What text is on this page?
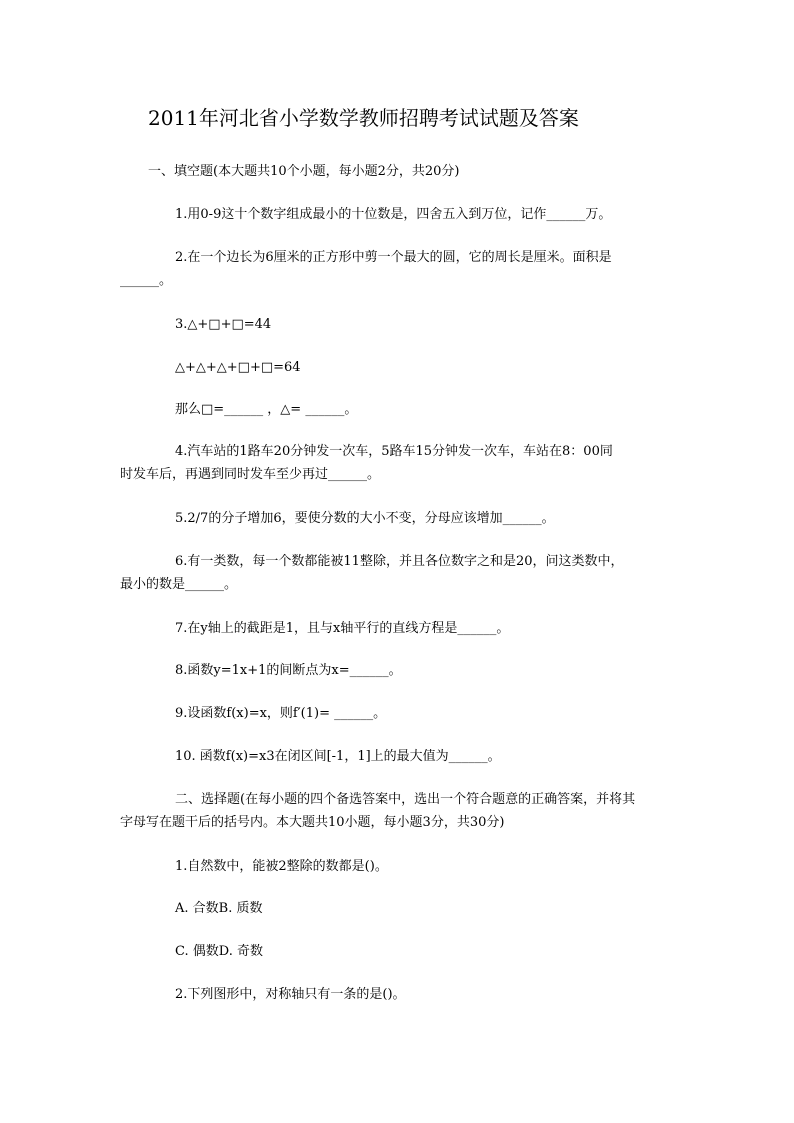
2011年河北省小学数学教师招聘考试试题及答案
一、填空题(本大题共10个小题，每小题2分，共20分)
1.用0-9这十个数字组成最小的十位数是，四舍五入到万位，记作______万。
2.在一个边长为6厘米的正方形中剪一个最大的圆，它的周长是厘米。面积是
______。
3.△+□+□=44
△+△+△+□+□=64
那么□=______ ，△= ______。
4.汽车站的1路车20分钟发一次车，5路车15分钟发一次车，车站在8：00同
时发车后，再遇到同时发车至少再过______。
5.2/7的分子增加6，要使分数的大小不变，分母应该增加______。
6.有一类数，每一个数都能被11整除，并且各位数字之和是20，问这类数中，
最小的数是______。
7.在y轴上的截距是1，且与x轴平行的直线方程是______。
8.函数y=1x+1的间断点为x=______。
9.设函数f(x)=x，则f′(1)= ______。
10. 函数f(x)=x3在闭区间[-1，1]上的最大值为______。
二、选择题(在每小题的四个备选答案中，选出一个符合题意的正确答案，并将其
字母写在题干后的括号内。本大题共10小题，每小题3分，共30分)
1.自然数中，能被2整除的数都是()。
A. 合数B. 质数
C. 偶数D. 奇数
2.下列图形中，对称轴只有一条的是()。
